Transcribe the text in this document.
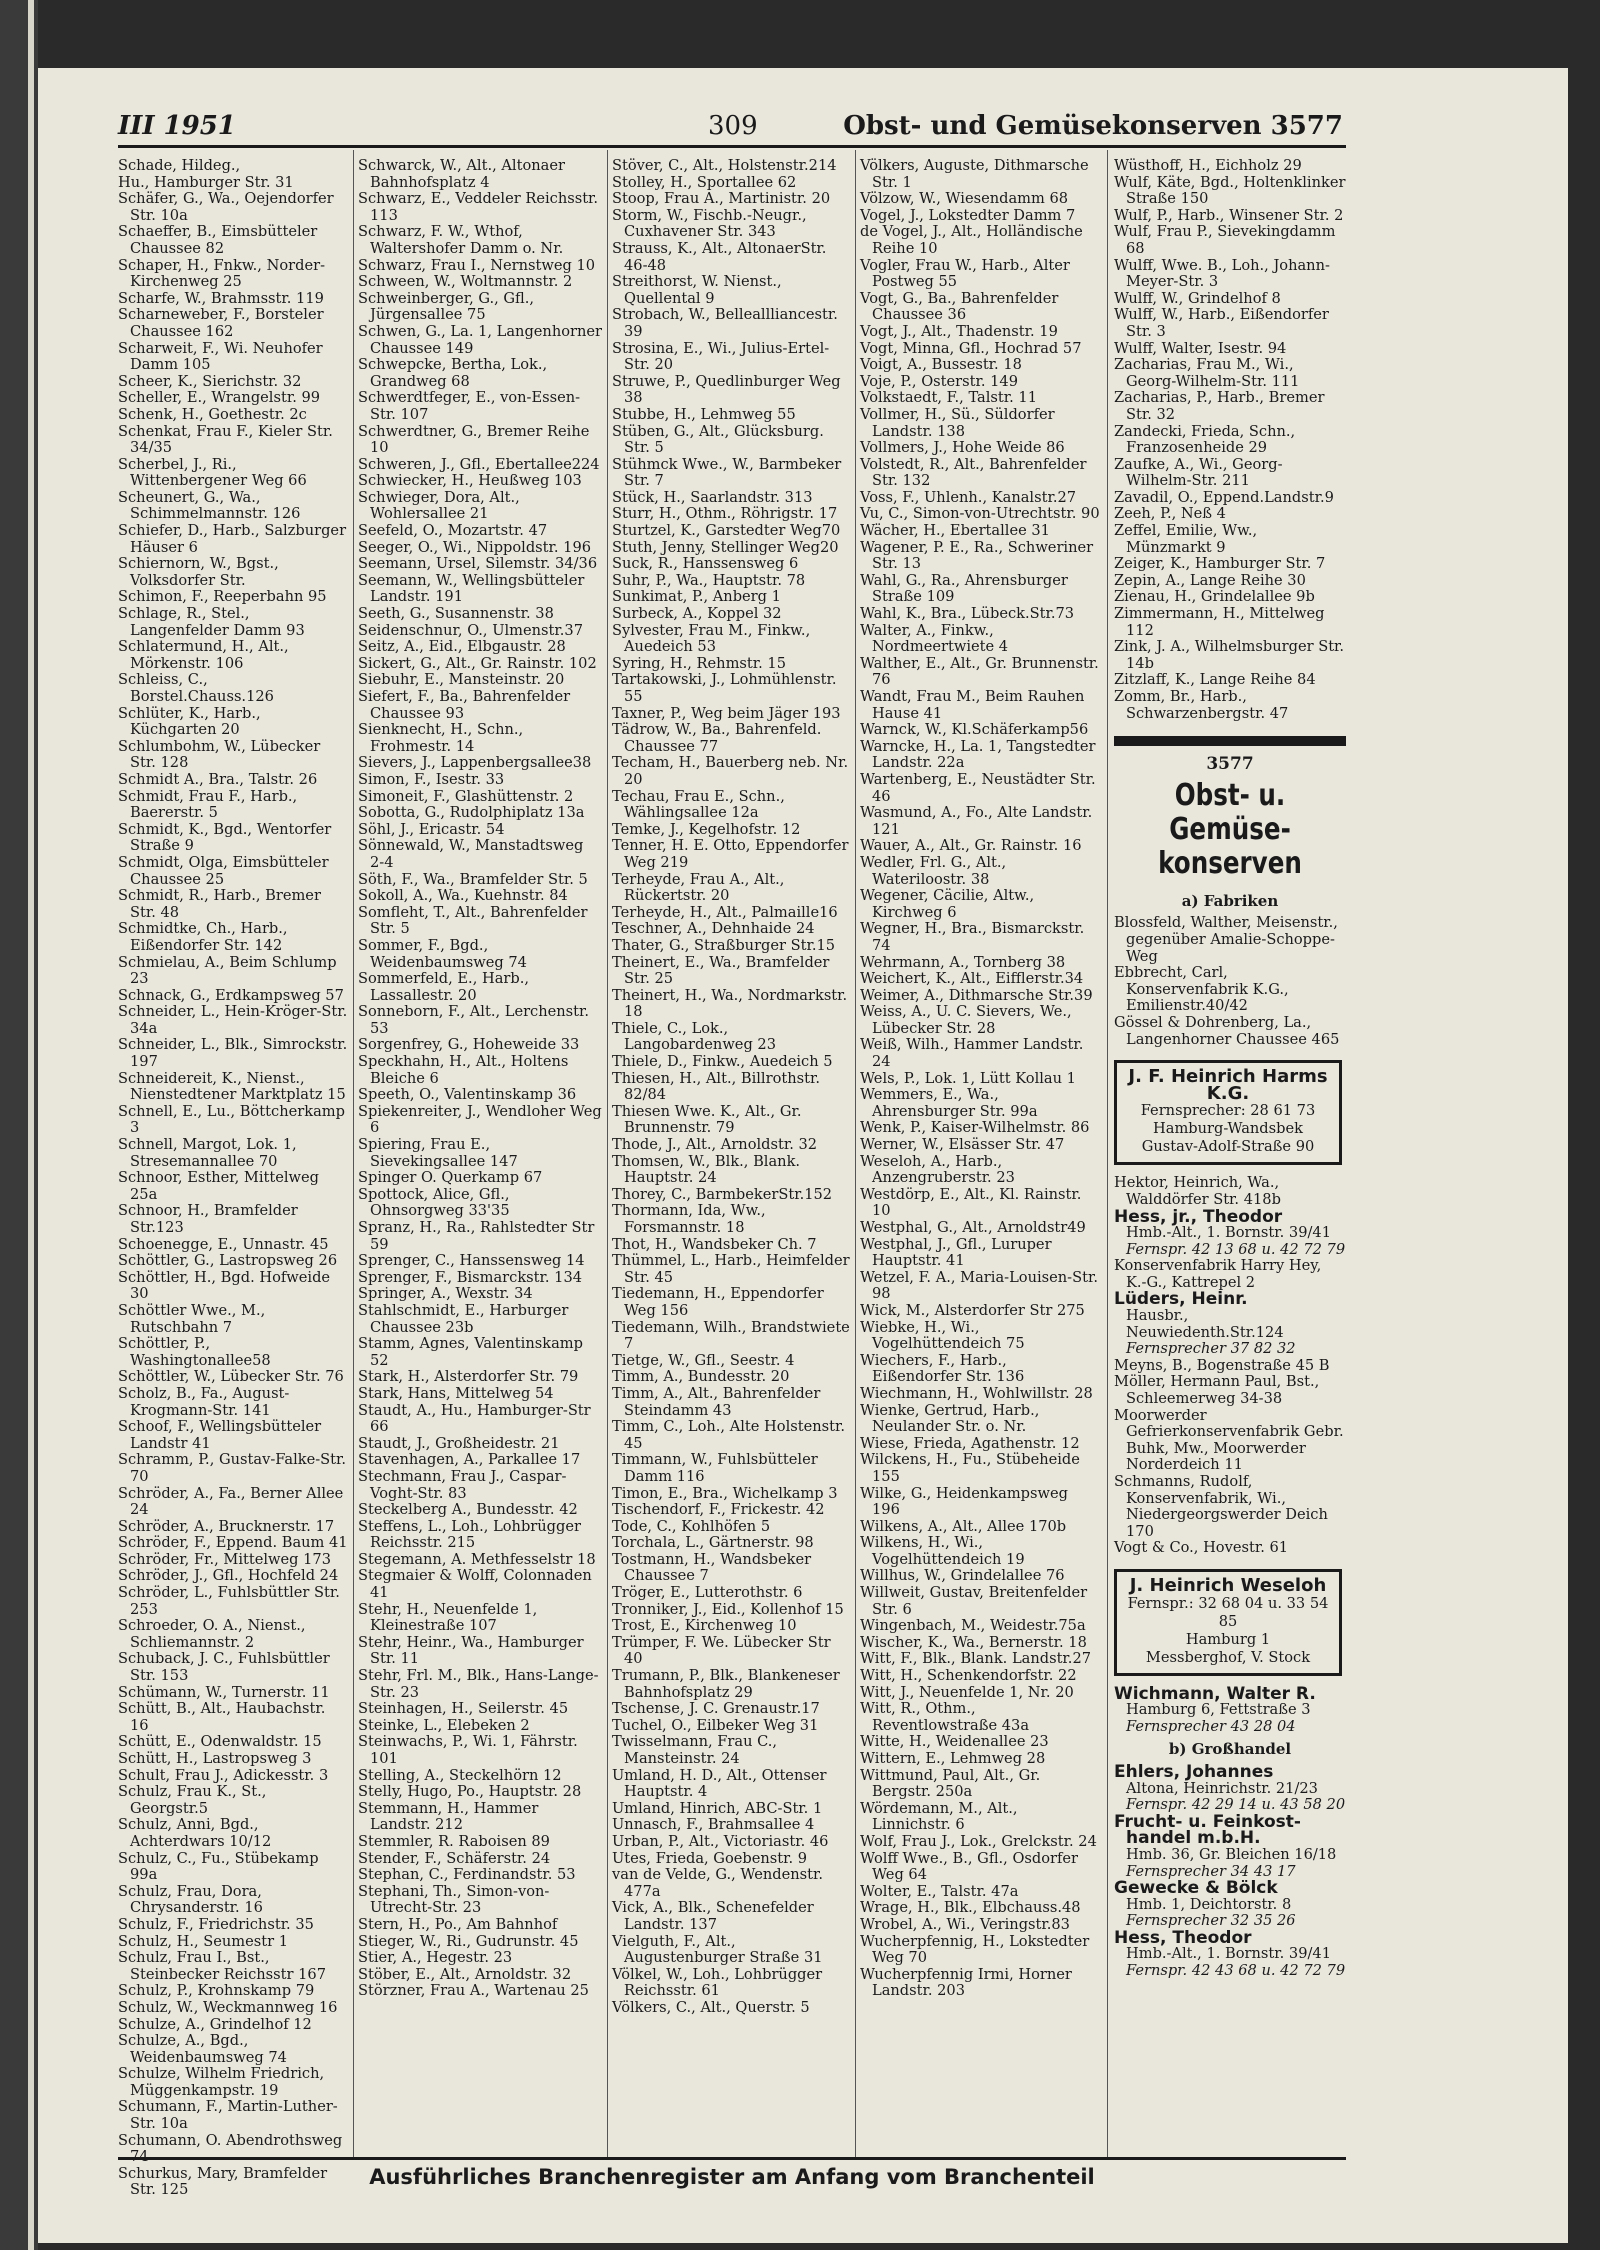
III 1951	309	Obst- und Gemüsekonserven 3577

Schade, Hildeg.,

Hu., Hamburger Str. 31

Schäfer, G., Wa., Oejendorfer Str. 10a

Schaeffer, B., Eimsbütteler Chaussee 82

Schaper, H., Fnkw., Norder-Kirchenweg 25

Scharfe, W., Brahmsstr. 119

Scharneweber, F., Borsteler Chaussee 162

Scharweit, F., Wi. Neuhofer Damm 105

Scheer, K., Sierichstr. 32

Scheller, E., Wrangelstr. 99

Schenk, H., Goethestr. 2c

Schenkat, Frau F., Kieler Str. 34/35

Scherbel, J., Ri., Wittenbergener Weg 66

Scheunert, G., Wa., Schimmelmannstr. 126

Schiefer, D., Harb., Salzburger Häuser 6

Schiernorn, W., Bgst., Volksdorfer Str.

Schimon, F., Reeperbahn 95

Schlage, R., Stel., Langenfelder Damm 93

Schlatermund, H., Alt., Mörkenstr. 106

Schleiss, C., Borstel.Chauss.126

Schlüter, K., Harb., Küchgarten 20

Schlumbohm, W., Lübecker Str. 128

Schmidt A., Bra., Talstr. 26

Schmidt, Frau F., Harb., Baererstr. 5

Schmidt, K., Bgd., Wentorfer Straße 9

Schmidt, Olga, Eimsbütteler Chaussee 25

Schmidt, R., Harb., Bremer Str. 48

Schmidtke, Ch., Harb., Eißendorfer Str. 142

Schmielau, A., Beim Schlump 23

Schnack, G., Erdkampsweg 57

Schneider, L., Hein-Kröger-Str. 34a

Schneider, L., Blk., Simrockstr. 197

Schneidereit, K., Nienst., Nienstedtener Marktplatz 15

Schnell, E., Lu., Böttcherkamp 3

Schnell, Margot, Lok. 1, Stresemannallee 70

Schnoor, Esther, Mittelweg 25a

Schnoor, H., Bramfelder Str.123

Schoenegge, E., Unnastr. 45

Schöttler, G., Lastropsweg 26

Schöttler, H., Bgd. Hofweide 30

Schöttler Wwe., M., Rutschbahn 7

Schöttler, P., Washingtonallee58

Schöttler, W., Lübecker Str. 76

Scholz, B., Fa., August-Krogmann-Str. 141

Schoof, F., Wellingsbütteler Landstr 41

Schramm, P., Gustav-Falke-Str. 70

Schröder, A., Fa., Berner Allee 24

Schröder, A., Brucknerstr. 17

Schröder, F., Eppend. Baum 41

Schröder, Fr., Mittelweg 173

Schröder, J., Gfl., Hochfeld 24

Schröder, L., Fuhlsbüttler Str. 253

Schroeder, O. A., Nienst., Schliemannstr. 2

Schuback, J. C., Fuhlsbüttler Str. 153

Schümann, W., Turnerstr. 11

Schütt, B., Alt., Haubachstr. 16

Schütt, E., Odenwaldstr. 15

Schütt, H., Lastropsweg 3

Schult, Frau J., Adickesstr. 3

Schulz, Frau K., St., Georgstr.5

Schulz, Anni, Bgd., Achterdwars 10/12

Schulz, C., Fu., Stübekamp 99a

Schulz, Frau, Dora, Chrysanderstr. 16

Schulz, F., Friedrichstr. 35

Schulz, H., Seumestr 1

Schulz, Frau I., Bst., Steinbecker Reichsstr 167

Schulz, P., Krohnskamp 79

Schulz, W., Weckmannweg 16

Schulze, A., Grindelhof 12

Schulze, A., Bgd., Weidenbaumsweg 74

Schulze, Wilhelm Friedrich, Müggenkampstr. 19

Schumann, F., Martin-Luther-Str. 10a

Schumann, O. Abendrothsweg

Schurkus, Mary, Bramfelder Str. 125

Schwarck, W., Alt., Altonaer Bahnhofsplatz 4

Schwarz, E., Veddeler Reichsstr. 113

Schwarz, F. W., Wthof, Waltershofer Damm o. Nr.

Schwarz, Frau I., Nernstweg 10

Schween, W., Woltmannstr. 2

Schweinberger, G., Gfl., Jürgensallee 75

Schwen, G., La. 1, Langenhorner Chaussee 149

Schwepcke, Bertha, Lok., Grandweg 68

Schwerdtfeger, E., von-Essen-Str. 107

Schwerdtner, G., Bremer Reihe 10

Schweren, J., Gfl., Ebertallee224

Schwiecker, H., Heußweg 103

Schwieger, Dora, Alt., Wohlersallee 21

Seefeld, O., Mozartstr. 47

Seeger, O., Wi., Nippoldstr. 196

Seemann, Ursel, Silemstr. 34/36

Seemann, W., Wellingsbütteler Landstr. 191

Seeth, G., Susannenstr. 38

Seidenschnur, O., Ulmenstr.37

Seitz, A., Eid., Elbgaustr. 28

Sickert, G., Alt., Gr. Rainstr. 102

Siebuhr, E., Mansteinstr. 20

Siefert, F., Ba., Bahrenfelder Chaussee 93

Sienknecht, H., Schn., Frohmestr. 14

Sievers, J., Lappenbergsallee38

Simon, F., Isestr. 33

Simoneit, F., Glashüttenstr. 2

Sobotta, G., Rudolphiplatz 13a

Söhl, J., Ericastr. 54

Sönnewald, W., Manstadtsweg 2-4

Söth, F., Wa., Bramfelder Str. 5

Sokoll, A., Wa., Kuehnstr. 84

Somfleht, T., Alt., Bahrenfelder Str. 5

Sommer, F., Bgd., Weidenbaumsweg 74

Sommerfeld, E., Harb., Lassallestr. 20

Sonneborn, F., Alt., Lerchenstr. 53

Sorgenfrey, G., Hoheweide 33

Speckhahn, H., Alt., Holtens Bleiche 6

Speeth, O., Valentinskamp 36

Spiekenreiter, J., Wendloher Weg 6

Spiering, Frau E., Sievekingsallee 147

Spinger O. Querkamp 67

Spottock, Alice, Gfl., Ohnsorgweg 33'35

Spranz, H., Ra., Rahlstedter Str 59

Sprenger, C., Hanssensweg 14

Sprenger, F., Bismarckstr. 134

Springer, A., Wexstr. 34

Stahlschmidt, E., Harburger Chaussee 23b

Stamm, Agnes, Valentinskamp 52

Stark, H., Alsterdorfer Str. 79

Stark, Hans, Mittelweg 54

Staudt, A., Hu., Hamburger-Str 66

Staudt, J., Großheidestr. 21

Stavenhagen, A., Parkallee 17

Stechmann, Frau J., Caspar-Voght-Str. 83

Steckelberg A., Bundesstr. 42

Steffens, L., Loh., Lohbrügger Reichsstr. 215

Stegemann, A. Methfesselstr 18

Stegmaier & Wolff, Colonnaden 41

Stehr, H., Neuenfelde 1, Kleinestraße 107

Stehr, Heinr., Wa., Hamburger Str. 11

Stehr, Frl. M., Blk., Hans-Lange-Str. 23

Steinhagen, H., Seilerstr. 45

Steinke, L., Elebeken 2

Steinwachs, P., Wi. 1, Fährstr. 101

Stelling, A., Steckelhörn 12

Stelly, Hugo, Po., Hauptstr. 28

Stemmann, H., Hammer Landstr. 212

Stemmler, R. Raboisen 89

Stender, F., Schäferstr. 24

Stephan, C., Ferdinandstr. 53

Stephani, Th., Simon-von-Utrecht-Str. 23

Stern, H., Po., Am Bahnhof

Stieger, W., Ri., Gudrunstr. 45

Stier, A., Hegestr. 23

Stöber, E., Alt., Arnoldstr. 32

Störzner, Frau A., Wartenau 25

Stöver, C., Alt., Holstenstr.214

Stolley, H., Sportallee 62

Stoop, Frau A., Martinistr. 20

Storm, W., Fischb.-Neugr., Cuxhavener Str. 343

Strauss, K., Alt., AltonaerStr. 46-48

Streithorst, W. Nienst., Quellental 9

Strobach, W., Belleallliancestr. 39

Strosina, E., Wi., Julius-Ertel-Str. 20

Struwe, P., Quedlinburger Weg 38

Stubbe, H., Lehmweg 55

Stüben, G., Alt., Glücksburg. Str. 5

Stühmck Wwe., W., Barmbeker Str. 7

Stück, H., Saarlandstr. 313

Sturr, H., Othm., Röhrigstr. 17

Sturtzel, K., Garstedter Weg70

Stuth, Jenny, Stellinger Weg20

Suck, R., Hanssensweg 6

Suhr, P., Wa., Hauptstr. 78

Sunkimat, P., Anberg 1

Surbeck, A., Koppel 32

Sylvester, Frau M., Finkw., Auedeich 53

Syring, H., Rehmstr. 15

Tartakowski, J., Lohmühlenstr. 55

Taxner, P., Weg beim Jäger 193

Tädrow, W., Ba., Bahrenfeld. Chaussee 77

Techam, H., Bauerberg neb. Nr. 20

Techau, Frau E., Schn., Wählingsallee 12a

Temke, J., Kegelhofstr. 12

Tenner, H. E. Otto, Eppendorfer Weg 219

Terheyde, Frau A., Alt., Rückertstr. 20

Terheyde, H., Alt., Palmaille16

Teschner, A., Dehnhaide 24

Thater, G., Straßburger Str.15

Theinert, E., Wa., Bramfelder Str. 25

Theinert, H., Wa., Nordmarkstr. 18

Thiele, C., Lok., Langobardenweg 23

Thiele, D., Finkw., Auedeich 5

Thiesen, H., Alt., Billrothstr. 82/84

Thiesen Wwe. K., Alt., Gr. Brunnenstr. 79

Thode, J., Alt., Arnoldstr. 32

Thomsen, W., Blk., Blank. Hauptstr. 24

Thorey, C., BarmbekerStr.152

Thormann, Ida, Ww., Forsmannstr. 18

Thot, H., Wandsbeker Ch. 7

Thümmel, L., Harb., Heimfelder Str. 45

Tiedemann, H., Eppendorfer Weg 156

Tiedemann, Wilh., Brandstwiete 7

Tietge, W., Gfl., Seestr. 4

Timm, A., Bundesstr. 20

Timm, A., Alt., Bahrenfelder Steindamm 43

Timm, C., Loh., Alte Holstenstr. 45

Timmann, W., Fuhlsbütteler Damm 116

Timon, E., Bra., Wichelkamp 3

Tischendorf, F., Frickestr. 42

Tode, C., Kohlhöfen 5

Torchala, L., Gärtnerstr. 98

Tostmann, H., Wandsbeker Chaussee 7

Tröger, E., Lutterothstr. 6

Tronniker, J., Eid., Kollenhof 15

Trost, E., Kirchenweg 10

Trümper, F. We. Lübecker Str 40

Trumann, P., Blk., Blankeneser Bahnhofsplatz 29

Tschense, J. C. Grenaustr.17

Tuchel, O., Eilbeker Weg 31

Twisselmann, Frau C., Mansteinstr. 24

Umland, H. D., Alt., Ottenser Hauptstr. 4

Umland, Hinrich, ABC-Str. 1

Unnasch, F., Brahmsallee 4

Urban, P., Alt., Victoriastr. 46

Utes, Frieda, Goebenstr. 9

van de Velde, G., Wendenstr. 477a

Vick, A., Blk., Schenefelder Landstr. 137

Vielguth, F., Alt., Augustenburger Straße 31

Völkel, W., Loh., Lohbrügger Reichsstr. 61

Völkers, C., Alt., Querstr. 5

Völkers, Auguste, Dithmarsche Str. 1

Völzow, W., Wiesendamm 68

Vogel, J., Lokstedter Damm 7

de Vogel, J., Alt., Holländische Reihe 10

Vogler, Frau W., Harb., Alter Postweg 55

Vogt, G., Ba., Bahrenfelder Chaussee 36

Vogt, J., Alt., Thadenstr. 19

Vogt, Minna, Gfl., Hochrad 57

Voigt, A., Bussestr. 18

Voje, P., Osterstr. 149

Volkstaedt, F., Talstr. 11

Vollmer, H., Sü., Süldorfer Landstr. 138

Vollmers, J., Hohe Weide 86

Volstedt, R., Alt., Bahrenfelder Str. 132

Voss, F., Uhlenh., Kanalstr.27

Vu, C., Simon-von-Utrechtstr. 90

Wächer, H., Ebertallee 31

Wagener, P. E., Ra., Schweriner Str. 13

Wahl, G., Ra., Ahrensburger Straße 109

Wahl, K., Bra., Lübeck.Str.73

Walter, A., Finkw., Nordmeertwiete 4

Walther, E., Alt., Gr. Brunnenstr. 76

Wandt, Frau M., Beim Rauhen Hause 41

Warnck, W., Kl.Schäferkamp56

Warncke, H., La. 1, Tangstedter Landstr. 22a

Wartenberg, E., Neustädter Str. 46

Wasmund, A., Fo., Alte Landstr. 121

Wauer, A., Alt., Gr. Rainstr. 16

Wedler, Frl. G., Alt., Wateriloostr. 38

Wegener, Cäcilie, Altw., Kirchweg 6

Wegner, H., Bra., Bismarckstr. 74

Wehrmann, A., Tornberg 38

Weichert, K., Alt., Eifflerstr.34

Weimer, A., Dithmarsche Str.39

Weiss, A., U. C. Sievers, We., Lübecker Str. 28

Weiß, Wilh., Hammer Landstr. 24

Wels, P., Lok. 1, Lütt Kollau 1

Wemmers, E., Wa., Ahrensburger Str. 99a

Wenk, P., Kaiser-Wilhelmstr. 86

Werner, W., Elsässer Str. 47

Weseloh, A., Harb., Anzengruberstr. 23

Westdörp, E., Alt., Kl. Rainstr. 10

Westphal, G., Alt., Arnoldstr49

Westphal, J., Gfl., Luruper Hauptstr. 41

Wetzel, F. A., Maria-Louisen-Str. 98

Wick, M., Alsterdorfer Str 275

Wiebke, H., Wi., Vogelhüttendeich 75

Wiechers, F., Harb., Eißendorfer Str. 136

Wiechmann, H., Wohlwillstr. 28

Wienke, Gertrud, Harb., Neulander Str. o. Nr.

Wiese, Frieda, Agathenstr. 12

Wilckens, H., Fu., Stübeheide 155

Wilke, G., Heidenkampsweg 196

Wilkens, A., Alt., Allee 170b

Wilkens, H., Wi., Vogelhüttendeich 19

Willhus, W., Grindelallee 76

Willweit, Gustav, Breitenfelder Str. 6

Wingenbach, M., Weidestr.75a

Wischer, K., Wa., Bernerstr. 18

Witt, F., Blk., Blank. Landstr.27

Witt, H., Schenkendorfstr. 22

Witt, J., Neuenfelde 1, Nr. 20

Witt, R., Othm., Reventlowstraße 43a

Witte, H., Weidenallee 23

Wittern, E., Lehmweg 28

Wittmund, Paul, Alt., Gr. Bergstr. 250a

Wördemann, M., Alt., Linnichstr. 6

Wolf, Frau J., Lok., Grelckstr. 24

Wolff Wwe., B., Gfl., Osdorfer Weg 64

Wolter, E., Talstr. 47a

Wrage, H., Blk., Elbchauss.48

Wrobel, A., Wi., Veringstr.83

Wucherpfennig, H., Lokstedter Weg 70

Wucherpfennig Irmi, Horner Landstr. 203

Wüsthoff, H., Eichholz 29

Wulf, Käte, Bgd., Holtenklinker Straße 150

Wulf, P., Harb., Winsener Str. 2

Wulf, Frau P., Sievekingdamm 68

Wulff, Wwe. B., Loh., Johann-Meyer-Str. 3

Wulff, W., Grindelhof 8

Wulff, W., Harb., Eißendorfer Str. 3

Wulff, Walter, Isestr. 94

Zacharias, Frau M., Wi., Georg-Wilhelm-Str. 111

Zacharias, P., Harb., Bremer Str. 32

Zandecki, Frieda, Schn., Franzosenheide 29

Zaufke, A., Wi., Georg-Wilhelm-Str. 211

Zavadil, O., Eppend.Landstr.9

Zeeh, P., Neß 4

Zeffel, Emilie, Ww., Münzmarkt 9

Zeiger, K., Hamburger Str. 7

Zepin, A., Lange Reihe 30

Zienau, H., Grindelallee 9b

Zimmermann, H., Mittelweg 112

Zink, J. A., Wilhelmsburger Str. 14b

Zitzlaff, K., Lange Reihe 84

Zomm, Br., Harb., Schwarzenbergstr. 47

3577
Obst- u. Gemüse-
konserven
a) Fabriken

Blossfeld, Walther, Meisenstr., gegenüber Amalie-Schoppe-Weg

Ebbrecht, Carl, Konservenfabrik K.G., Emilienstr.40/42

Gössel & Dohrenberg, La., Langenhorner Chaussee 465

J. F. Heinrich Harms K.G.
Fernsprecher: 28 61 73
Hamburg-Wandsbek
Gustav-Adolf-Straße 90

Hektor, Heinrich, Wa., Walddörfer Str. 418b

Hess, jr., Theodor
Hmb.-Alt., 1. Bornstr. 39/41
Fernspr. 42 13 68 u. 42 72 79

Konservenfabrik Harry Hey, K.-G., Kattrepel 2

Lüders, Heinr.
Hausbr., Neuwiedenth.Str.124
Fernsprecher 37 82 32

Meyns, B., Bogenstraße 45 B

Möller, Hermann Paul, Bst., Schleemerweg 34-38

Moorwerder Gefrierkonservenfabrik Gebr. Buhk, Mw., Moorwerder Norderdeich 11

Schmanns, Rudolf, Konservenfabrik, Wi., Niedergeorgswerder Deich 170

Vogt & Co., Hovestr. 61

J. Heinrich Weseloh
Fernspr.: 32 68 04 u. 33 54 85
Hamburg 1
Messberghof, V. Stock
Wichmann, Walter R.
Hamburg 6, Fettstraße 3
Fernsprecher 43 28 04
b) Großhandel
Ehlers, Johannes
Altona, Heinrichstr. 21/23
Fernspr. 42 29 14 u. 43 58 20
Frucht- u. Feinkost-
handel m.b.H.
Hmb. 36, Gr. Bleichen 16/18
Fernsprecher 34 43 17
Gewecke & Bölck
Hmb. 1, Deichtorstr. 8
Fernsprecher 32 35 26
Hess, Theodor
Hmb.-Alt., 1. Bornstr. 39/41
Fernspr. 42 43 68 u. 42 72 79
Ausführliches Branchenregister am Anfang vom Branchenteil
